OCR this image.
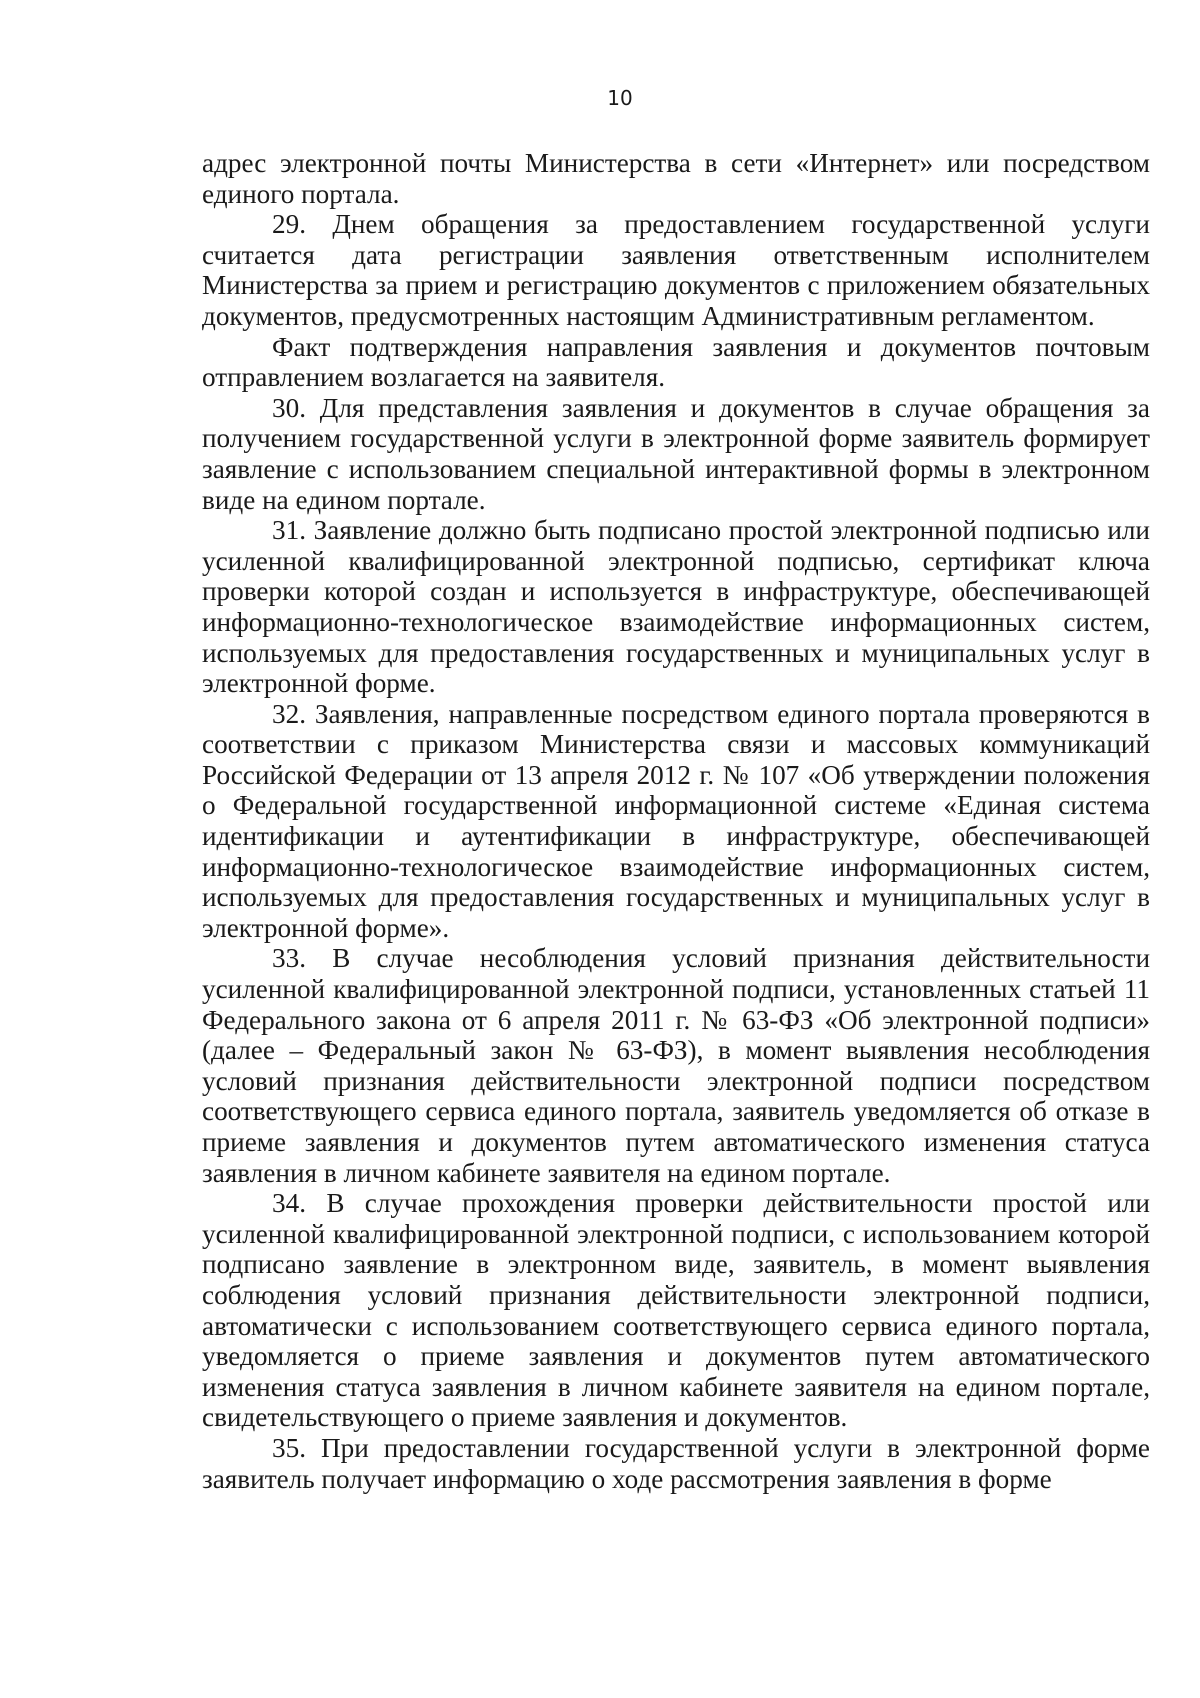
10

адрес электронной почты Министерства в сети «Интернет» или посредством единого портала.

29. Днем обращения за предоставлением государственной услуги считается дата регистрации заявления ответственным исполнителем Министерства за прием и регистрацию документов с приложением обязательных документов, предусмотренных настоящим Административным регламентом.

Факт подтверждения направления заявления и документов почтовым отправлением возлагается на заявителя.

30. Для представления заявления и документов в случае обращения за получением государственной услуги в электронной форме заявитель формирует заявление с использованием специальной интерактивной формы в электронном виде на едином портале.

31. Заявление должно быть подписано простой электронной подписью или усиленной квалифицированной электронной подписью, сертификат ключа проверки которой создан и используется в инфраструктуре, обеспечивающей информационно-технологическое взаимодействие информационных систем, используемых для предоставления государственных и муниципальных услуг в электронной форме.

32. Заявления, направленные посредством единого портала проверяются в соответствии с приказом Министерства связи и массовых коммуникаций Российской Федерации от 13 апреля 2012 г. № 107 «Об утверждении положения о Федеральной государственной информационной системе «Единая система идентификации и аутентификации в инфраструктуре, обеспечивающей информационно-технологическое взаимодействие информационных систем, используемых для предоставления государственных и муниципальных услуг в электронной форме».

33. В случае несоблюдения условий признания действительности усиленной квалифицированной электронной подписи, установленных статьей 11 Федерального закона от 6 апреля 2011 г. № 63-ФЗ «Об электронной подписи» (далее – Федеральный закон № 63-ФЗ), в момент выявления несоблюдения условий признания действительности электронной подписи посредством соответствующего сервиса единого портала, заявитель уведомляется об отказе в приеме заявления и документов путем автоматического изменения статуса заявления в личном кабинете заявителя на едином портале.

34. В случае прохождения проверки действительности простой или усиленной квалифицированной электронной подписи, с использованием которой подписано заявление в электронном виде, заявитель, в момент выявления соблюдения условий признания действительности электронной подписи, автоматически с использованием соответствующего сервиса единого портала, уведомляется о приеме заявления и документов путем автоматического изменения статуса заявления в личном кабинете заявителя на едином портале, свидетельствующего о приеме заявления и документов.

35. При предоставлении государственной услуги в электронной форме заявитель получает информацию о ходе рассмотрения заявления в форме
